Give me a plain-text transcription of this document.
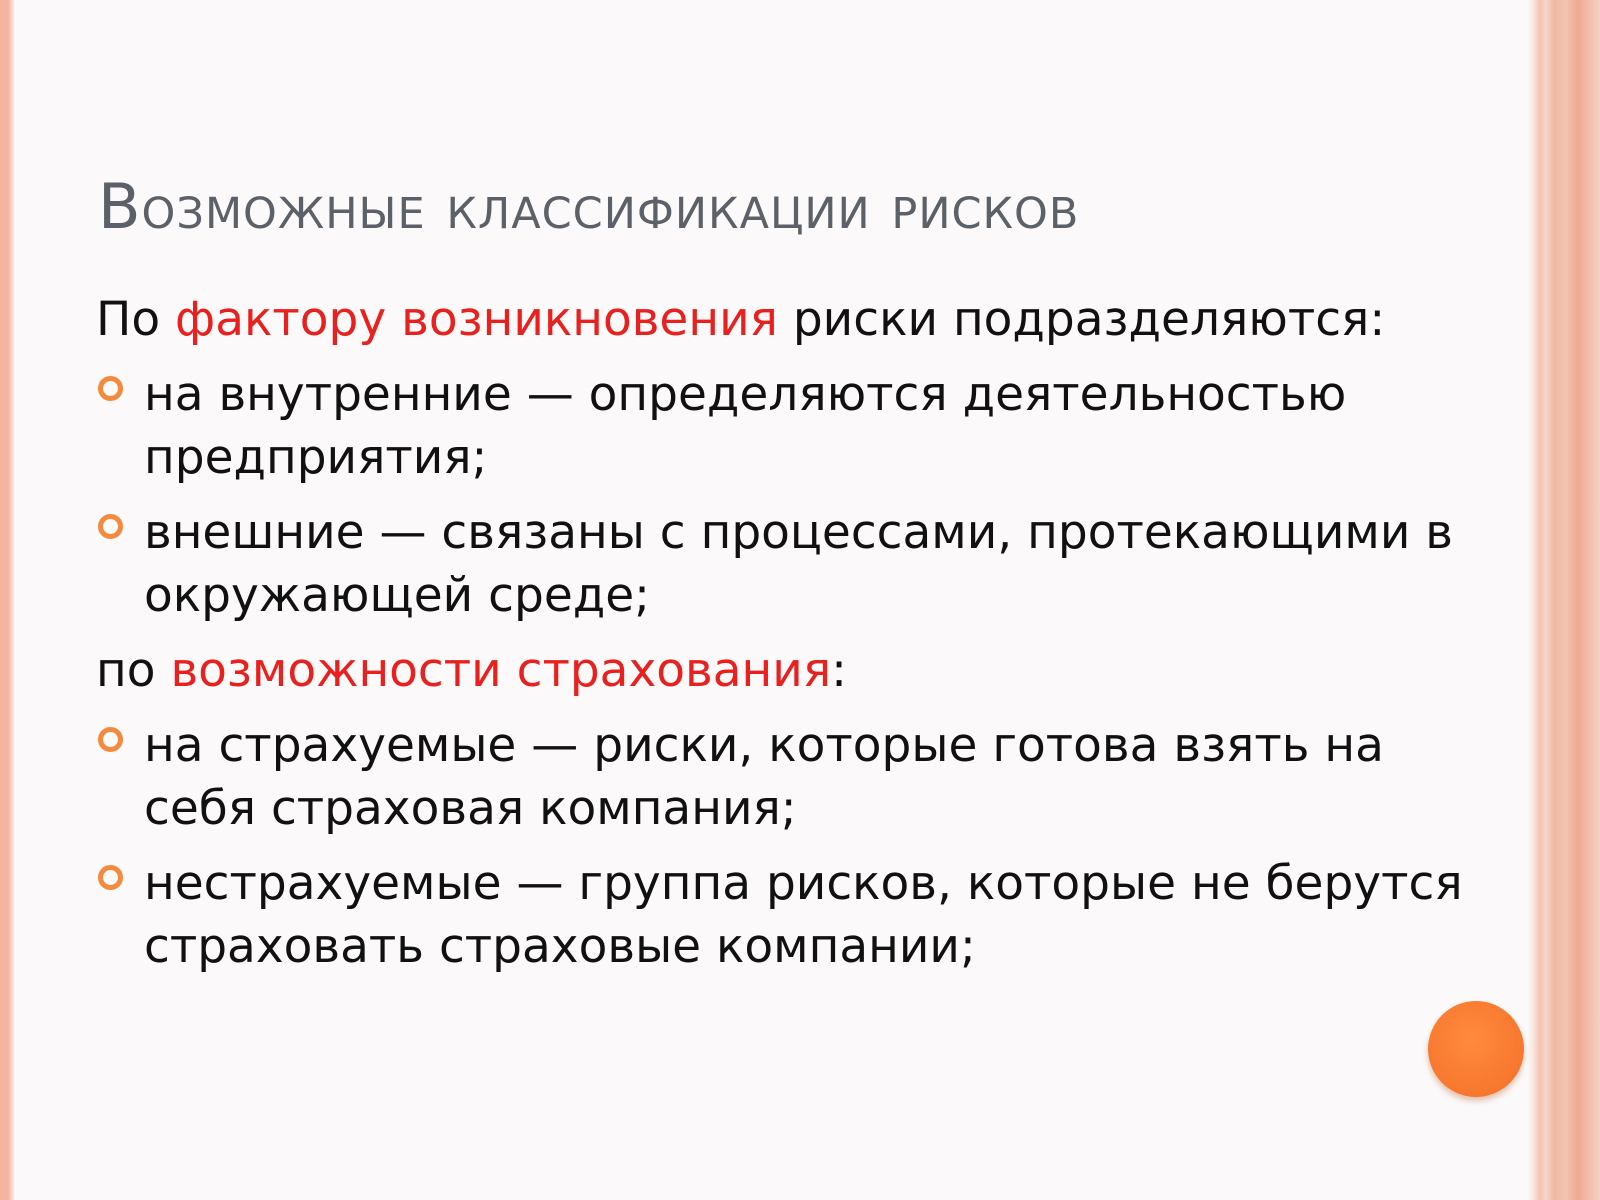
Возможные классификации рисков

По фактору возникновения риски подразделяются:

на внутренние — определяются деятельностью предприятия;
внешние — связаны с процессами, протекающими в окружающей среде;

по возможности страхования:

на страхуемые — риски, которые готова взять на себя страховая компания;
нестрахуемые — группа рисков, которые не берутся страховать страховые компании;
